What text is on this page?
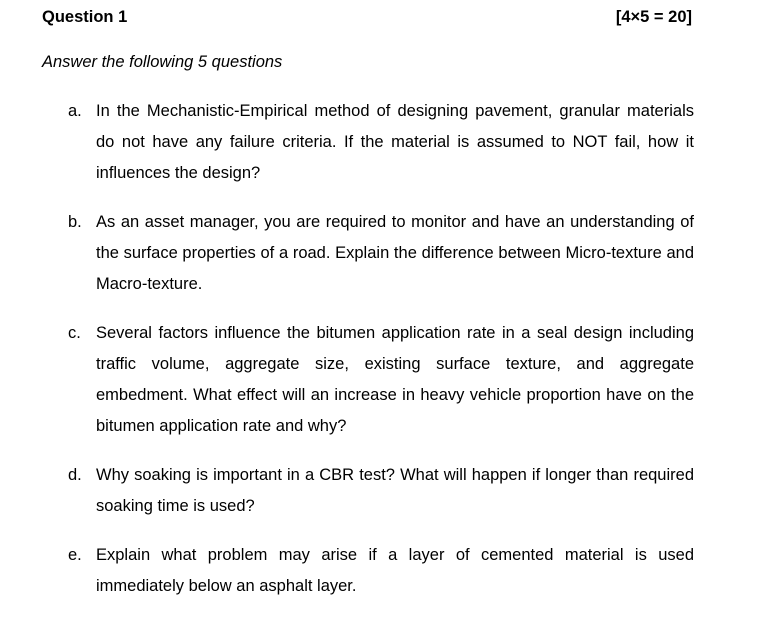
Question 1	[4×5 = 20]
Answer the following 5 questions
a. In the Mechanistic-Empirical method of designing pavement, granular materials do not have any failure criteria. If the material is assumed to NOT fail, how it influences the design?
b. As an asset manager, you are required to monitor and have an understanding of the surface properties of a road. Explain the difference between Micro-texture and Macro-texture.
c. Several factors influence the bitumen application rate in a seal design including traffic volume, aggregate size, existing surface texture, and aggregate embedment. What effect will an increase in heavy vehicle proportion have on the bitumen application rate and why?
d. Why soaking is important in a CBR test? What will happen if longer than required soaking time is used?
e. Explain what problem may arise if a layer of cemented material is used immediately below an asphalt layer.
